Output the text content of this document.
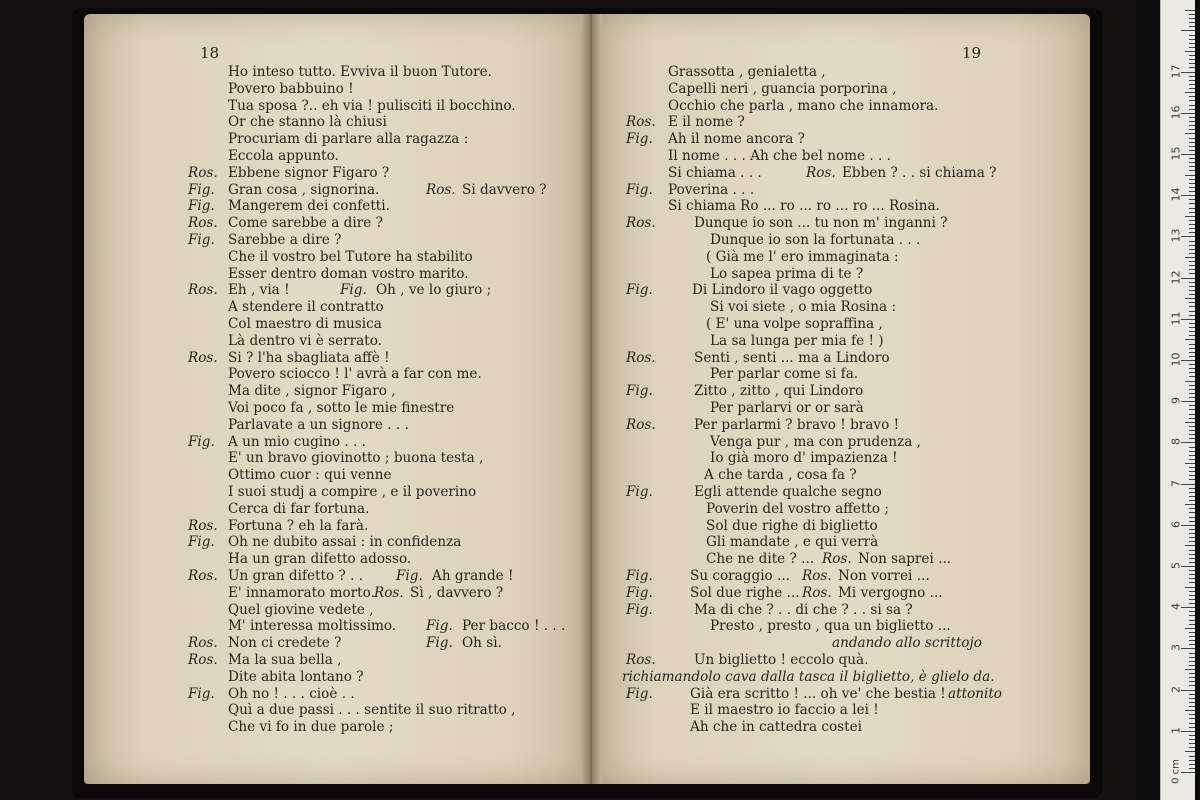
18	19
Ho inteso tutto. Evviva il buon Tutore.
Povero babbuino !
Tua sposa ?.. eh via ! pulisciti il bocchino.
Or che stanno là chiusi
Procuriam di parlare alla ragazza :
Eccola appunto.
Ros. Ebbene signor Figaro ?
Fig. Gran cosa , signorina.	Ros. Si davvero ?
Fig. Mangerem dei confetti.
Ros. Come sarebbe a dire ?
Fig. Sarebbe a dire ?
Che il vostro bel Tutore ha stabilito
Esser dentro doman vostro marito.
Ros. Eh , via !	Fig. Oh , ve lo giuro ;
A stendere il contratto
Col maestro di musica
Là dentro vi è serrato.
Ros. Si ? l'ha sbagliata affè !
Povero sciocco ! l' avrà a far con me.
Ma dite , signor Figaro ,
Voi poco fa , sotto le mie finestre
Parlavate a un signore . . .
Fig. A un mio cugino . . .
E' un bravo giovinotto ; buona testa ,
Ottimo cuor : qui venne
I suoi studj a compire , e il poverino
Cerca di far fortuna.
Ros. Fortuna ? eh la farà.
Fig. Oh ne dubito assai : in confidenza
Ha un gran difetto adosso.
Ros. Un gran difetto ? . . Fig. Ah grande !
E' innamorato morto. Ros. Sì , davvero ?
Quel giovine vedete ,
M' interessa moltissimo. Fig. Per bacco ! . . .
Ros. Non ci credete ?	Fig. Oh sì.
Ros. Ma la sua bella ,
Dite abita lontano ?
Fig. Oh no ! . . . cioè . .
Quì a due passi . . . sentite il suo ritratto ,
Che vi fo in due parole ;
Grassotta , genialetta ,
Capelli neri , guancia porporina ,
Occhio che parla , mano che innamora.
Ros. E il nome ?
Fig. Ah il nome ancora ?
Il nome . . . Ah che bel nome . . .
Si chiama . . .	Ros. Ebben ? . . si chiama ?
Fig. Poverina . . .
Si chiama Ro ... ro ... ro ... ro ... Rosina.
Ros.	Dunque io son ... tu non m' inganni ?
Dunque io son la fortunata . . .
( Già me l' ero immaginata :
Lo sapea prima di te ?
Fig.	Di Lindoro il vago oggetto
Si voi siete , o mia Rosina :
( E' una volpe sopraffina ,
La sa lunga per mia fe ! )
Ros.	Senti , senti ... ma a Lindoro
Per parlar come si fa.
Fig.	Zitto , zitto , qui Lindoro
Per parlarvi or or sarà
Ros.	Per parlarmi ? bravo ! bravo !
Venga pur , ma con prudenza ,
Io già moro d' impazienza !
A che tarda , cosa fa ?
Fig.	Egli attende qualche segno
Poverin del vostro affetto ;
Sol due righe di biglietto
Gli mandate , e qui verrà
Che ne dite ? ... Ros. Non saprei ...
Fig.	Su coraggio ... Ros. Non vorrei ...
Fig.	Sol due righe ... Ros. Mi vergogno ...
Fig.	Ma di che ? . . di che ? . . si sa ?
Presto , presto , qua un biglietto ...
andando allo scrittojo
Ros.	Un biglietto ! eccolo quà.
richiamandolo cava dalla tasca il biglietto, è glielo da.
Fig.	Già era scritto ! ... oh ve' che bestia ! attonito
E il maestro io faccio a lei !
Ah che in cattedra costei	1
2
3
4
5
6
7
8
9
10
11
12
13
14
15
16
17
0 cm
